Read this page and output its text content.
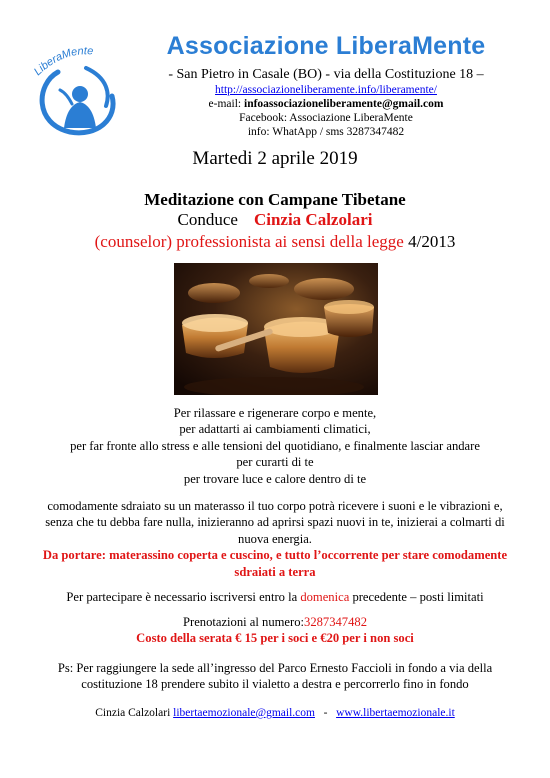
LiberaMente	Associazione LiberaMente
- San Pietro in Casale (BO) - via della Costituzione 18 –
http://associazioneliberamente.info/liberamente/
e-mail: infoassociazioneliberamente@gmail.com
Facebook: Associazione LiberaMente
info: WhatApp / sms 3287347482
Martedi 2 aprile 2019
Meditazione con Campane Tibetane
Conduce Cinzia Calzolari
(counselor) professionista ai sensi della legge 4/2013
Per rilassare e rigenerare corpo e mente,
per adattarti ai cambiamenti climatici,
per far fronte allo stress e alle tensioni del quotidiano, e finalmente lasciar andare
per curarti di te
per trovare luce e calore dentro di te
comodamente sdraiato su un materasso il tuo corpo potrà ricevere i suoni e le vibrazioni e,
senza che tu debba fare nulla, inizieranno ad aprirsi spazi nuovi in te, inizierai a colmarti di
nuova energia.
Da portare: materassino coperta e cuscino, e tutto l’occorrente per stare comodamente
sdraiati a terra
Per partecipare è necessario iscriversi entro la domenica precedente – posti limitati
Prenotazioni al numero:3287347482
Costo della serata € 15 per i soci e €20 per i non soci
Ps: Per raggiungere la sede all’ingresso del Parco Ernesto Faccioli in fondo a via della
costituzione 18 prendere subito il vialetto a destra e percorrerlo fino in fondo
Cinzia Calzolari libertaemozionale@gmail.com   -   www.libertaemozionale.it
